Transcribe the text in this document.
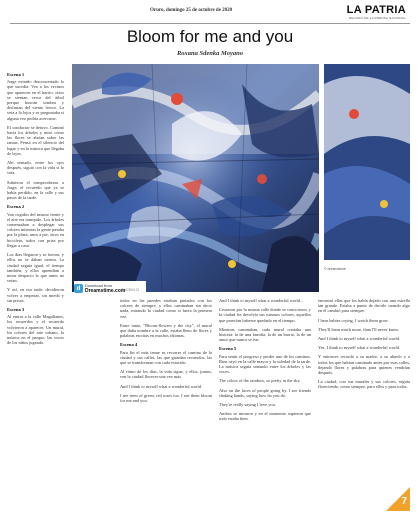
Oruro, domingo 25 de octubre de 2020	LA PATRIA
DECANO DE LA PRENSA NACIONAL
Bloom for me and you
Roxana Sdenka Moyano
Escena 1

Jorge extraño desconcertado lo que sucedía. Veo a los vecinos que aparecen en el barrio; otros se sientan cerca del árbol porque buscan sombra y disfrutan del viento fresco. La veía a lo lejos y se preguntaba si alguna vez podría acercarse.

El conductor se detuvo. Caminó hacia los árboles y miró cómo las flores se abrían sobre las ramas. Pensó en el silencio del lugar y en la música que llegaba de lejos.

Ahí sentado, entre los ojos después, siguió con la vida si lo veía.

Subieron el rompecabezas a Jorge, el recuerdo que ya se había perdido, en la calle y sus pasos de la tarde.

Escena 2

Van cogidos del mismo frente y el aire era tranquilo. Los árboles comenzaban a desplegar sus colores mientras la gente pasaba por la plaza, unos a pie, otros en bicicleta, todos con prisa por llegar a casa.

Los días llegaron y se fueron, y ellos no se daban cuenta. La ciudad seguía igual, el tiempo también, y ellos aprendían a mirar despacio lo que antes no veían.

Y así, en esa tarde, decidieron volver a empezar, sin miedo y sin prisas.

Escena 3

Al entrar a la calle Magallanes, los recuerdos y el recuerdo volvieron a aparecer. Un mural, los colores del arte urbano, la música en el parque, las voces de los niños jugando.

d	Download from
Dreamstime.com
ID 67890123
© dreamstime

todos en las paredes estaban pintados con los colores de siempre, y ellos caminaban sin decir nada, mirando la ciudad como si fuera la primera vez.

Entre tanto, "Bloom-flowers y the city", el mural que daba nombre a la calle, estaba lleno de flores y palabras escritas en muchos idiomas.

Escena 4

Para fin el más tenue es recorrer el camino de la ciudad y sus calles, las que guardan recuerdos, las que se transforman con cada estación.

Al ritmo de los días, la vida sigue, y ellos, juntos, ven la ciudad florecer una vez más.

And I think to myself what a wonderful world

I see trees of green, red roses too. I see them bloom for me and you.

And I think to myself what a wonderful world...

Cruzaron por la misma calle donde se conocieron, y la ciudad les devolvía sus mismos colores, aquellos que parecían haberse quedado en el tiempo.

Mientras caminaban, cada mural contaba una historia: la de una familia, la de un barrio, la de un amor que nunca se fue.

Escena 5

Para sentir el progreso y perder uno de los caminos. Bien cayó en la calle mayor y la soledad de la tarde. La música seguía sonando entre los árboles y las voces.

The colors of the rainbow, so pretty in the sky.

Also on the faces of people going by. I see friends shaking hands, saying how do you do.

They're really saying I love you.

Ambos se miraron y en el momento supieron que todo estaba bien.

encontró ellas que los había dejado con una estrella tan grande. Estaba a punto de decirle cuando algo en él cambió para siempre.

I hear babies crying, I watch them grow.

They'll learn much more, than I'll never know.

And I think to myself what a wonderful world.

Yes, I think to myself what a wonderful world.

Y entonces recordó a su madre, a su abuelo y a todos los que habían caminado antes por esas calles, dejando flores y palabras para quienes vendrían después.

La ciudad, con sus murales y sus colores, seguía floreciendo, como siempre, para ellos y para todos.

7
